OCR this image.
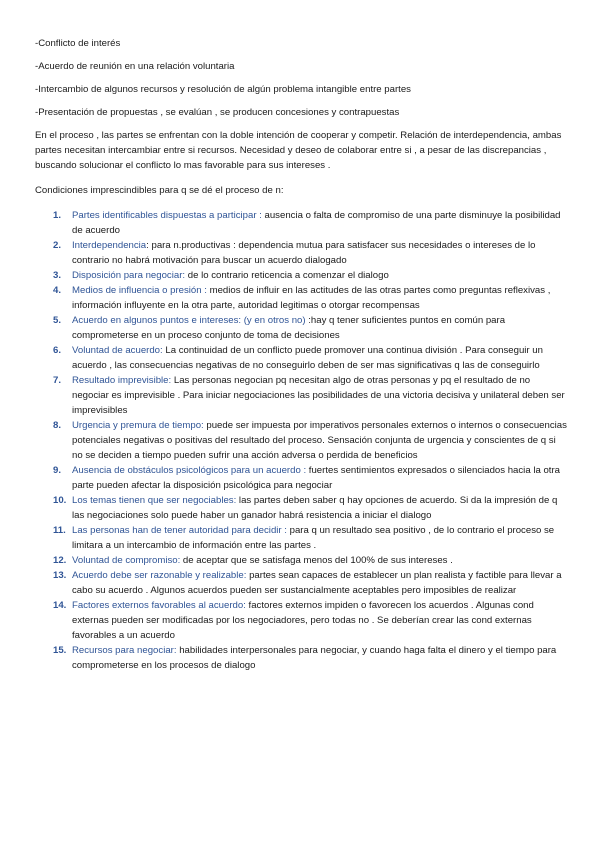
-Conflicto de interés
-Acuerdo de reunión en una relación voluntaria
-Intercambio de algunos recursos y resolución de algún problema intangible entre partes
-Presentación de propuestas , se evalúan , se producen concesiones y contrapuestas

En el proceso , las partes se enfrentan con la doble intención de cooperar y competir. Relación de interdependencia, ambas partes necesitan intercambiar entre si recursos. Necesidad y deseo de colaborar entre si , a pesar de las discrepancias , buscando solucionar el conflicto lo mas favorable para sus intereses .

Condiciones imprescindibles para q se dé el proceso de n:

1. Partes identificables dispuestas a participar : ausencia o falta de compromiso de una parte disminuye la posibilidad de acuerdo
2. Interdependencia: para n.productivas : dependencia mutua para satisfacer sus necesidades o intereses de lo contrario no habrá motivación para buscar un acuerdo dialogado
3. Disposición para negociar: de lo contrario reticencia a comenzar el dialogo
4. Medios de influencia o presión : medios de influir en las actitudes de las otras partes como preguntas reflexivas , información influyente en la otra parte, autoridad legitimas o otorgar recompensas
5. Acuerdo en algunos puntos e intereses: (y en otros no) :hay q tener suficientes puntos en común para comprometerse en un proceso conjunto de toma de decisiones
6. Voluntad de acuerdo: La continuidad de un conflicto puede promover una continua división . Para conseguir un acuerdo , las consecuencias negativas de no conseguirlo deben de ser mas significativas q las de conseguirlo
7. Resultado imprevisible: Las personas negocian pq necesitan algo de otras personas y pq el resultado de no negociar es imprevisible . Para iniciar negociaciones las posibilidades de una victoria decisiva y unilateral deben ser imprevisibles
8. Urgencia y premura de tiempo: puede ser impuesta por imperativos personales externos o internos o consecuencias potenciales negativas o positivas del resultado del proceso. Sensación conjunta de urgencia y conscientes de q si no se deciden a tiempo pueden sufrir una acción adversa o perdida de beneficios
9. Ausencia de obstáculos psicológicos para un acuerdo : fuertes sentimientos expresados o silenciados hacia la otra parte pueden afectar la disposición psicológica para negociar
10. Los temas tienen que ser negociables: las partes deben saber q hay opciones de acuerdo. Si da la impresión de q las negociaciones solo puede haber un ganador habrá resistencia a iniciar el dialogo
11. Las personas han de tener autoridad para decidir : para q un resultado sea positivo , de lo contrario el proceso se limitara a un intercambio de información entre las partes .
12. Voluntad de compromiso: de aceptar que se satisfaga menos del 100% de sus intereses .
13. Acuerdo debe ser razonable y realizable: partes sean capaces de establecer un plan realista y factible para llevar a cabo su acuerdo . Algunos acuerdos pueden ser sustancialmente aceptables pero imposibles de realizar
14. Factores externos favorables al acuerdo: factores externos impiden o favorecen los acuerdos . Algunas cond externas pueden ser modificadas por los negociadores, pero todas no . Se deberían crear las cond externas favorables a un acuerdo
15. Recursos para negociar: habilidades interpersonales para negociar, y cuando haga falta el dinero y el tiempo para comprometerse en los procesos de dialogo
